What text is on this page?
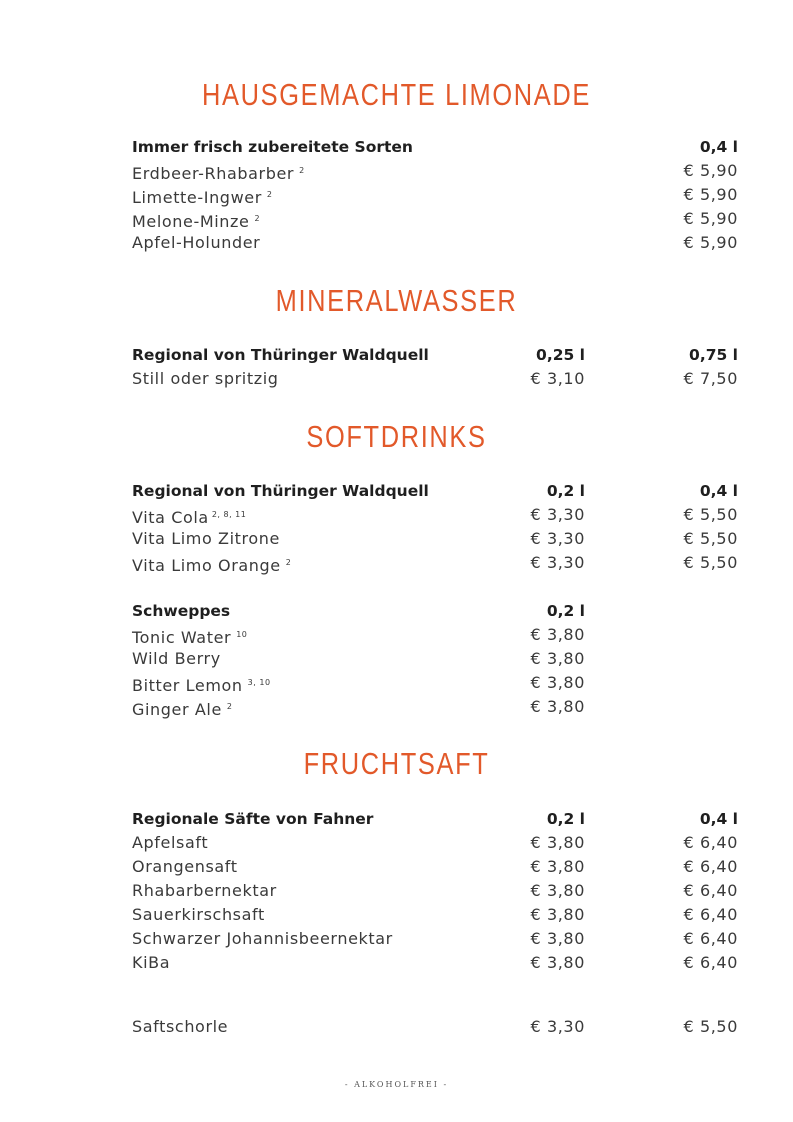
HAUSGEMACHTE LIMONADE
Immer frisch zubereitete Sorten	0,4 l
Erdbeer-Rhabarber $^2$	€ 5,90
Limette-Ingwer $^2$	€ 5,90
Melone-Minze $^2$	€ 5,90
Apfel-Holunder	€ 5,90
MINERALWASSER
Regional von Thüringer Waldquell	0,25 l	0,75 l
Still oder spritzig	€ 3,10	€ 7,50
SOFTDRINKS
Regional von Thüringer Waldquell	0,2 l	0,4 l
Vita Cola $^{2, 8, 11}$	€ 3,30	€ 5,50
Vita Limo Zitrone	€ 3,30	€ 5,50
Vita Limo Orange $^2$	€ 3,30	€ 5,50
Schweppes	0,2 l
Tonic Water $^{10}$	€ 3,80
Wild Berry	€ 3,80
Bitter Lemon $^{3, 10}$	€ 3,80
Ginger Ale $^2$	€ 3,80
FRUCHTSAFT
Regionale Säfte von Fahner	0,2 l	0,4 l
Apfelsaft	€ 3,80	€ 6,40
Orangensaft	€ 3,80	€ 6,40
Rhabarbernektar	€ 3,80	€ 6,40
Sauerkirschsaft	€ 3,80	€ 6,40
Schwarzer Johannisbeernektar	€ 3,80	€ 6,40
KiBa	€ 3,80	€ 6,40
Saftschorle	€ 3,30	€ 5,50
- ALKOHOLFREI -
